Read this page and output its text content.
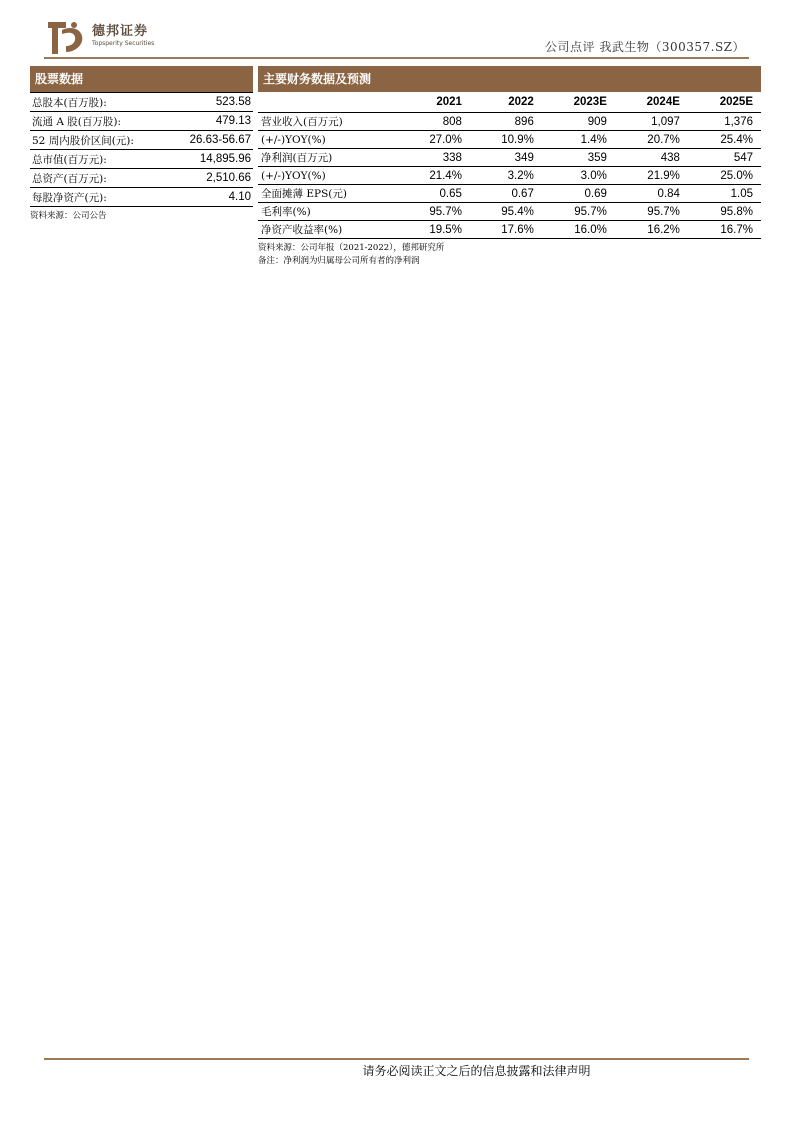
德邦证券
Topsperity Securities	公司点评 我武生物（300357.SZ）
股票数据
总股本(百万股):	523.58
流通 A 股(百万股):	479.13
52 周内股价区间(元):	26.63-56.67
总市值(百万元):	14,895.96
总资产(百万元):	2,510.66
每股净资产(元):	4.10
资料来源：公司公告
主要财务数据及预测
	2021	2022	2023E	2024E	2025E
营业收入(百万元)	808	896	909	1,097	1,376
(+/-)YOY(%)	27.0%	10.9%	1.4%	20.7%	25.4%
净利润(百万元)	338	349	359	438	547
(+/-)YOY(%)	21.4%	3.2%	3.0%	21.9%	25.0%
全面摊薄 EPS(元)	0.65	0.67	0.69	0.84	1.05
毛利率(%)	95.7%	95.4%	95.7%	95.7%	95.8%
净资产收益率(%)	19.5%	17.6%	16.0%	16.2%	16.7%
资料来源：公司年报（2021-2022），德邦研究所
备注：净利润为归属母公司所有者的净利润
请务必阅读正文之后的信息披露和法律声明
